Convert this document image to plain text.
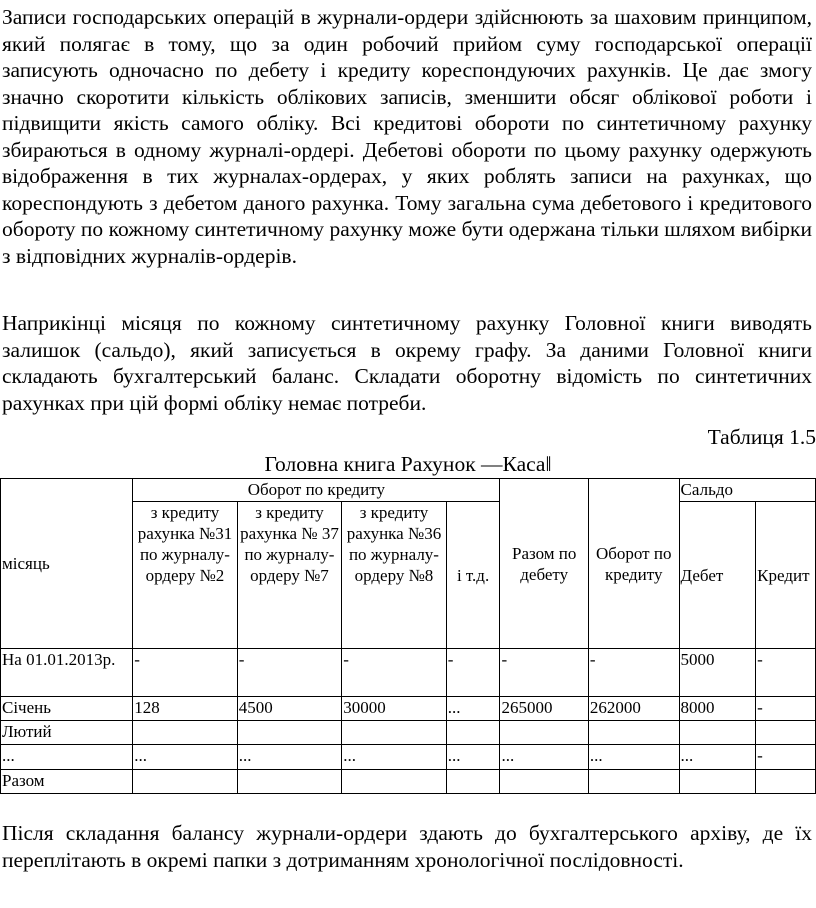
Записи господарських операцій в журнали-ордери здійснюють за шаховим принципом, який полягає в тому, що за один робочий прийом суму господарської операції записують одночасно по дебету і кредиту кореспондуючих рахунків. Це дає змогу значно скоротити кількість облікових записів, зменшити обсяг облікової роботи і підвищити якість самого обліку. Всі кредитові обороти по синтетичному рахунку збираються в одному журналі-ордері. Дебетові обороти по цьому рахунку одержують відображення в тих журналах-ордерах, у яких роблять записи на рахунках, що кореспондують з дебетом даного рахунка. Тому загальна сума дебетового і кредитового обороту по кожному синтетичному рахунку може бути одержана тільки шляхом вибірки з відповідних журналів-ордерів.

Наприкінці місяця по кожному синтетичному рахунку Головної книги виводять залишок (сальдо), який записується в окрему графу. За даними Головної книги складають бухгалтерський баланс. Складати оборотну відомість по синтетичних рахунках при цій формі обліку немає потреби.

Таблиця 1.5
Головна книга Рахунок ―Каса‖
місяць	Оборот по кредиту				Разом по дебету	Оборот по кредиту	Сальдо	
	з кредиту рахунка №31 по журналу-ордеру №2	з кредиту рахунка № 37 по журналу-ордеру №7	з кредиту рахунка №36 по журналу-ордеру №8	і т.д.			Дебет	Кредит
На 01.01.2013р.	-	-	-	-	-	-	5000	-
Січень	128	4500	30000	...	265000	262000	8000	-
Лютий								
...	...	...	...	...	...	...	...	-
Разом								

Після складання балансу журнали-ордери здають до бухгалтерського архіву, де їх переплітають в окремі папки з дотриманням хронологічної послідовності.
